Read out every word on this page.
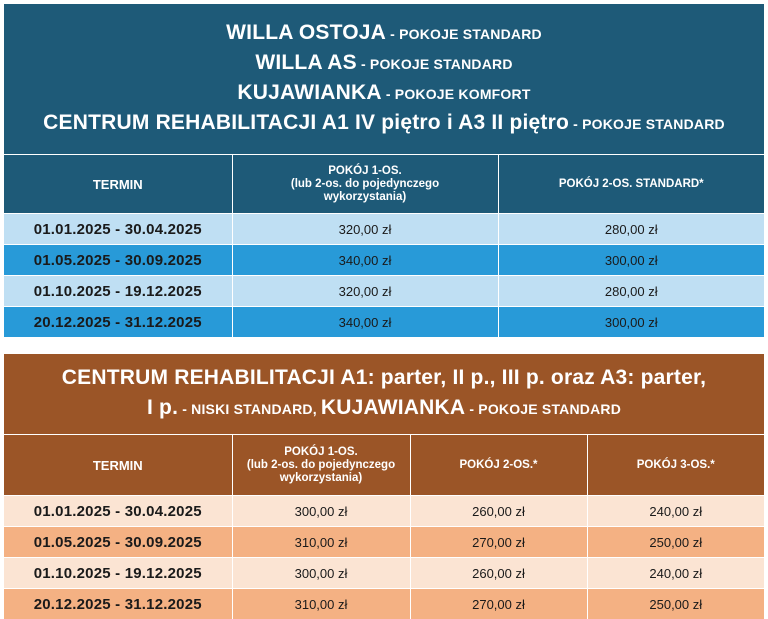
WILLA OSTOJA - POKOJE STANDARD
WILLA AS - POKOJE STANDARD
KUJAWIANKA - POKOJE KOMFORT
CENTRUM REHABILITACJI A1 IV piętro i A3 II piętro - POKOJE STANDARD		

TERMIN	POKÓJ 1-OS.
(lub 2-os. do pojedynczego
wykorzystania)	POKÓJ 2-OS. STANDARD*
01.01.2025 - 30.04.2025	320,00 zł	280,00 zł
01.05.2025 - 30.09.2025	340,00 zł	300,00 zł
01.10.2025 - 19.12.2025	320,00 zł	280,00 zł
20.12.2025 - 31.12.2025	340,00 zł	300,00 zł
CENTRUM REHABILITACJI A1: parter, II p., III p. oraz A3: parter,
I p. - NISKI STANDARD, KUJAWIANKA - POKOJE STANDARD			

TERMIN	POKÓJ 1-OS.
(lub 2-os. do pojedynczego
wykorzystania)	POKÓJ 2-OS.*	POKÓJ 3-OS.*
01.01.2025 - 30.04.2025	300,00 zł	260,00 zł	240,00 zł
01.05.2025 - 30.09.2025	310,00 zł	270,00 zł	250,00 zł
01.10.2025 - 19.12.2025	300,00 zł	260,00 zł	240,00 zł
20.12.2025 - 31.12.2025	310,00 zł	270,00 zł	250,00 zł
